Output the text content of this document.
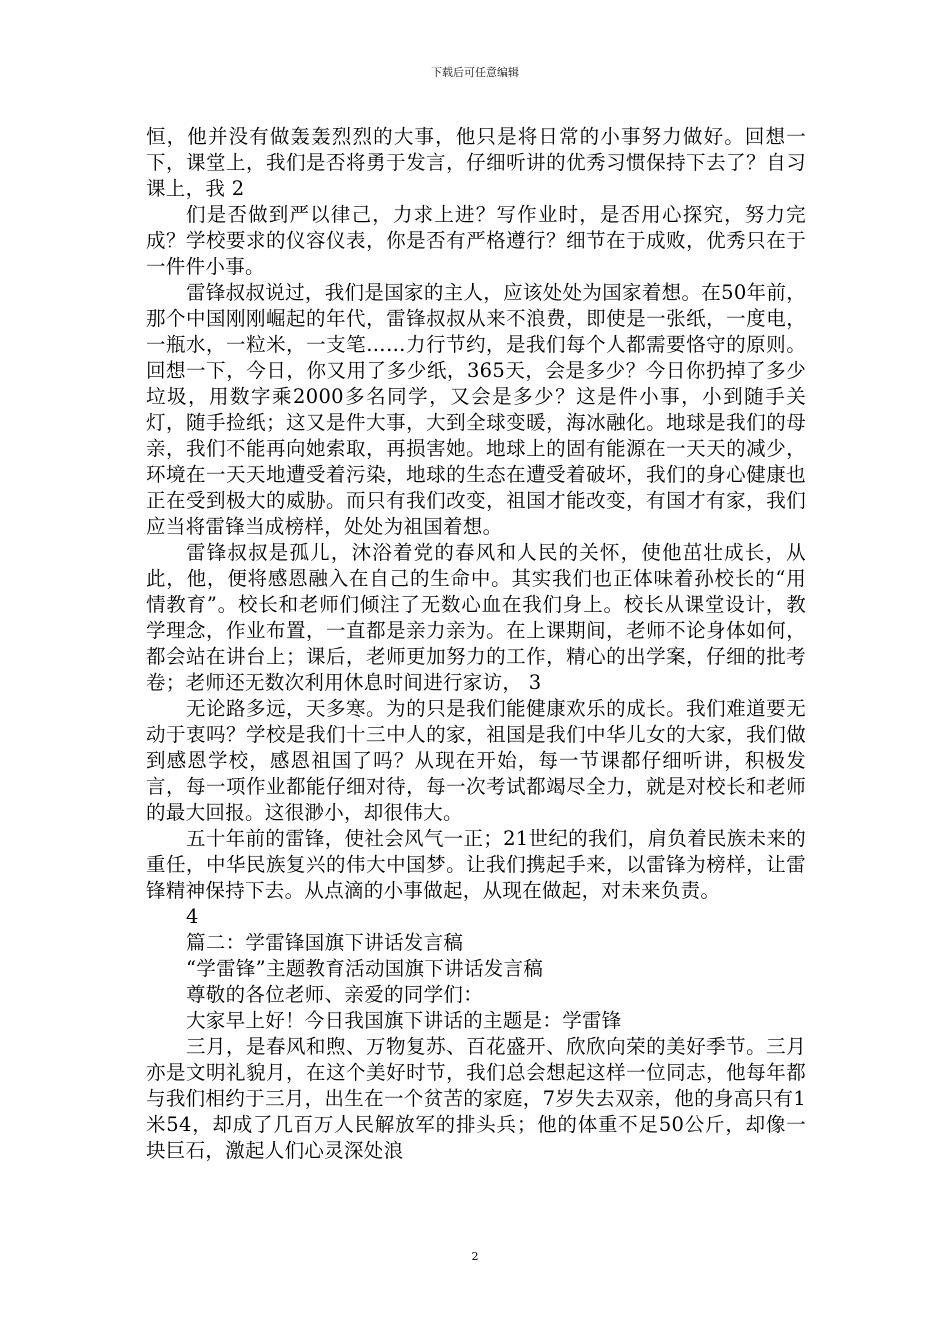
下载后可任意编辑

恒，他并没有做轰轰烈烈的大事，他只是将日常的小事努力做好。回想一下，课堂上，我们是否将勇于发言，仔细听讲的优秀习惯保持下去了？自习课上，我 2

们是否做到严以律己，力求上进？写作业时，是否用心探究，努力完成？学校要求的仪容仪表，你是否有严格遵行？细节在于成败，优秀只在于一件件小事。

雷锋叔叔说过，我们是国家的主人，应该处处为国家着想。在50年前，那个中国刚刚崛起的年代，雷锋叔叔从来不浪费，即使是一张纸，一度电，一瓶水，一粒米，一支笔……力行节约，是我们每个人都需要恪守的原则。回想一下，今日，你又用了多少纸，365天，会是多少？今日你扔掉了多少垃圾，用数字乘2000多名同学，又会是多少？这是件小事，小到随手关灯，随手捡纸；这又是件大事，大到全球变暖，海冰融化。地球是我们的母亲，我们不能再向她索取，再损害她。地球上的固有能源在一天天的减少，环境在一天天地遭受着污染，地球的生态在遭受着破坏，我们的身心健康也正在受到极大的威胁。而只有我们改变，祖国才能改变，有国才有家，我们应当将雷锋当成榜样，处处为祖国着想。

雷锋叔叔是孤儿，沐浴着党的春风和人民的关怀，使他茁壮成长，从此，他，便将感恩融入在自己的生命中。其实我们也正体味着孙校长的“用情教育”。校长和老师们倾注了无数心血在我们身上。校长从课堂设计，教学理念，作业布置，一直都是亲力亲为。在上课期间，老师不论身体如何，都会站在讲台上；课后，老师更加努力的工作，精心的出学案，仔细的批考卷；老师还无数次利用休息时间进行家访， 3

无论路多远，天多寒。为的只是我们能健康欢乐的成长。我们难道要无动于衷吗？学校是我们十三中人的家，祖国是我们中华儿女的大家，我们做到感恩学校，感恩祖国了吗？从现在开始，每一节课都仔细听讲，积极发言，每一项作业都能仔细对待，每一次考试都竭尽全力，就是对校长和老师的最大回报。这很渺小，却很伟大。

五十年前的雷锋，使社会风气一正；21世纪的我们，肩负着民族未来的重任，中华民族复兴的伟大中国梦。让我们携起手来，以雷锋为榜样，让雷锋精神保持下去。从点滴的小事做起，从现在做起，对未来负责。

4

篇二：学雷锋国旗下讲话发言稿

“学雷锋”主题教育活动国旗下讲话发言稿

尊敬的各位老师、亲爱的同学们：

大家早上好！今日我国旗下讲话的主题是：学雷锋

三月，是春风和煦、万物复苏、百花盛开、欣欣向荣的美好季节。三月亦是文明礼貌月，在这个美好时节，我们总会想起这样一位同志，他每年都与我们相约于三月，出生在一个贫苦的家庭，7岁失去双亲，他的身高只有1米54，却成了几百万人民解放军的排头兵；他的体重不足50公斤，却像一块巨石，激起人们心灵深处浪

2
